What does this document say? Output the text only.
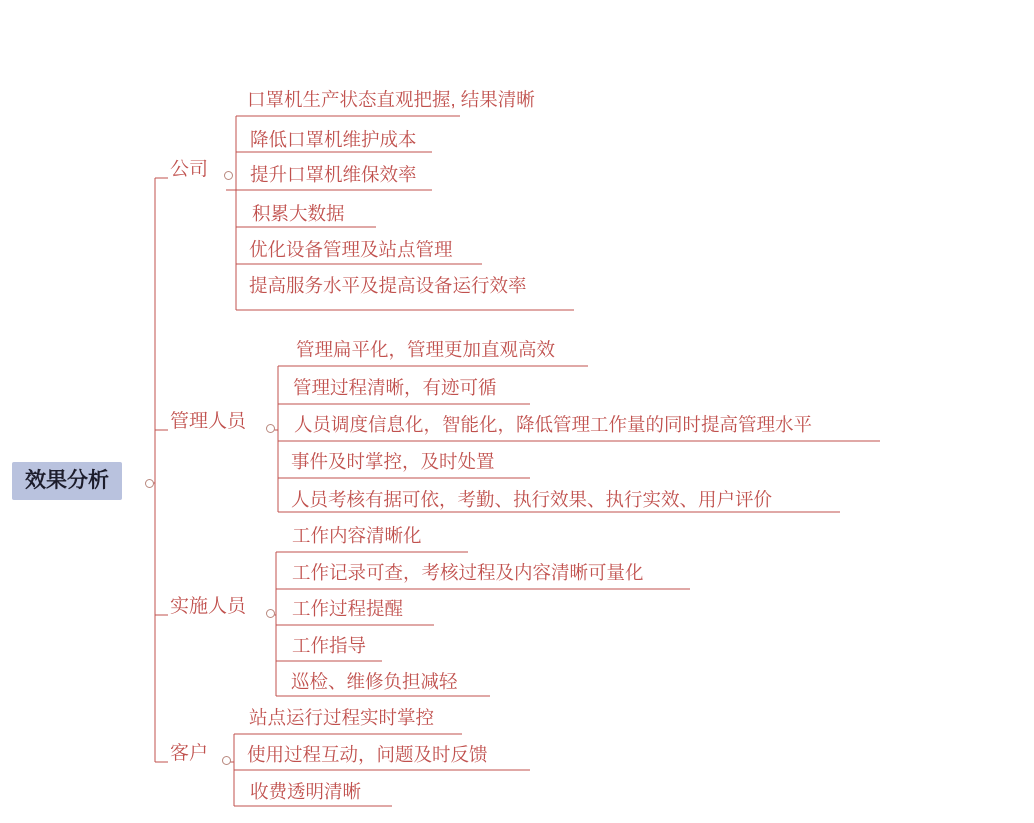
效果分析
公司
口罩机生产状态直观把握, 结果清晰
降低口罩机维护成本
提升口罩机维保效率
积累大数据
优化设备管理及站点管理
提高服务水平及提高设备运行效率
管理人员
管理扁平化，管理更加直观高效
管理过程清晰，有迹可循
人员调度信息化，智能化，降低管理工作量的同时提高管理水平
事件及时掌控，及时处置
人员考核有据可依，考勤、执行效果、执行实效、用户评价
实施人员
工作内容清晰化
工作记录可查，考核过程及内容清晰可量化
工作过程提醒
工作指导
巡检、维修负担减轻
客户
站点运行过程实时掌控
使用过程互动，问题及时反馈
收费透明清晰
